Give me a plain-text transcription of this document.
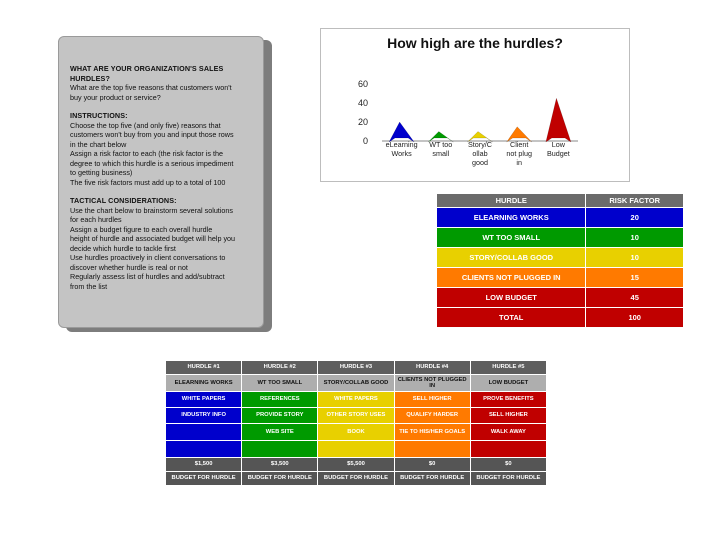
WHAT ARE YOUR ORGANIZATION'S SALES HURDLES?
What are the top five reasons that customers won't
buy your product or service?
INSTRUCTIONS:
Choose the top five (and only five) reasons that
customers won't buy from you and input those rows
in the chart below
Assign a risk factor to each (the risk factor is the
degree to which this hurdle is a serious impediment
to getting business)
The five risk factors must add up to a total of 100
TACTICAL CONSIDERATIONS:
Use the chart below to brainstorm several solutions
for each hurdles
Assign a budget figure to each overall hurdle
height of hurdle and associated budget will help you
decide which hurdle to tackle first
Use hurdles proactively in client conversations to
discover whether hurdle is real or not
Regularly assess list of hurdles and add/subtract
from the list
How high are the hurdles?
0
20
40
60
eLearning
Works
WT too
small
Story/C
ollab
good
Client
not plug
in
Low
Budget
HURDLE	RISK FACTOR
ELEARNING WORKS	20
WT TOO SMALL	10
STORY/COLLAB GOOD	10
CLIENTS NOT PLUGGED IN	15
LOW BUDGET	45
TOTAL	100
HURDLE #1	HURDLE #2	HURDLE #3	HURDLE #4	HURDLE #5
ELEARNING WORKS	WT TOO SMALL	STORY/COLLAB GOOD	CLIENTS NOT PLUGGED IN	LOW BUDGET
WHITE PAPERS	REFERENCES	WHITE PAPERS	SELL HIGHER	PROVE BENEFITS
INDUSTRY INFO	PROVIDE STORY	OTHER STORY USES	QUALIFY HARDER	SELL HIGHER
	WEB SITE	BOOK	TIE TO HIS/HER GOALS	WALK AWAY

$1,500	$3,500	$5,500	$0	$0
BUDGET FOR HURDLE	BUDGET FOR HURDLE	BUDGET FOR HURDLE	BUDGET FOR HURDLE	BUDGET FOR HURDLE
